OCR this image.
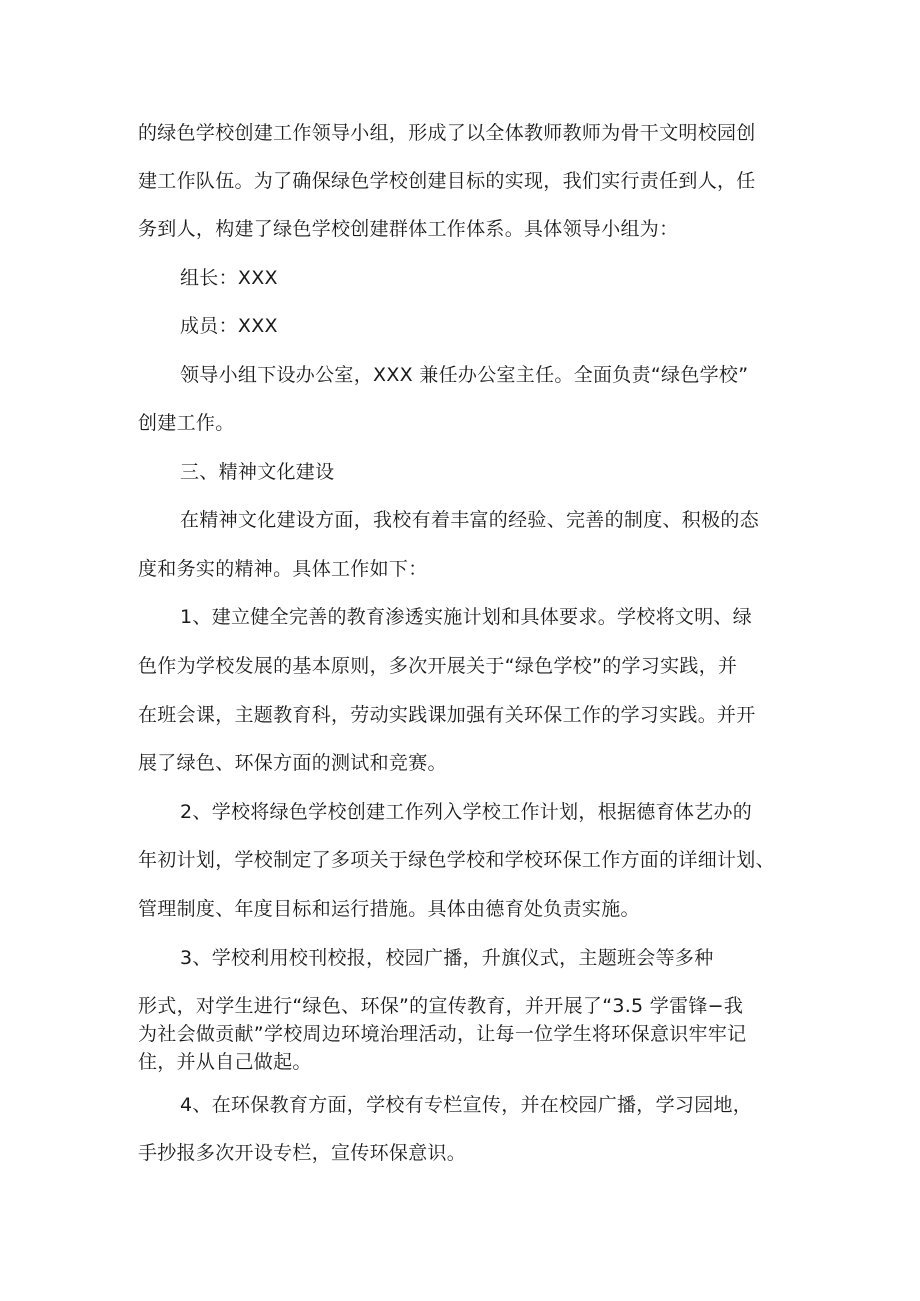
的绿色学校创建工作领导小组，形成了以全体教师教师为骨干文明校园创
建工作队伍。为了确保绿色学校创建目标的实现，我们实行责任到人，任
务到人，构建了绿色学校创建群体工作体系。具体领导小组为：
组长：XXX
成员：XXX
领导小组下设办公室，XXX 兼任办公室主任。全面负责“绿色学校”
创建工作。
三、精神文化建设
在精神文化建设方面，我校有着丰富的经验、完善的制度、积极的态
度和务实的精神。具体工作如下：
1、建立健全完善的教育渗透实施计划和具体要求。学校将文明、绿
色作为学校发展的基本原则，多次开展关于“绿色学校”的学习实践，并
在班会课，主题教育科，劳动实践课加强有关环保工作的学习实践。并开
展了绿色、环保方面的测试和竞赛。
2、学校将绿色学校创建工作列入学校工作计划，根据德育体艺办的
年初计划，学校制定了多项关于绿色学校和学校环保工作方面的详细计划、
管理制度、年度目标和运行措施。具体由德育处负责实施。
3、学校利用校刊校报，校园广播，升旗仪式，主题班会等多种
形式，对学生进行“绿色、环保”的宣传教育，并开展了“3.5 学雷锋−我
为社会做贡献”学校周边环境治理活动，让每一位学生将环保意识牢牢记
住，并从自己做起。
4、在环保教育方面，学校有专栏宣传，并在校园广播，学习园地，
手抄报多次开设专栏，宣传环保意识。
